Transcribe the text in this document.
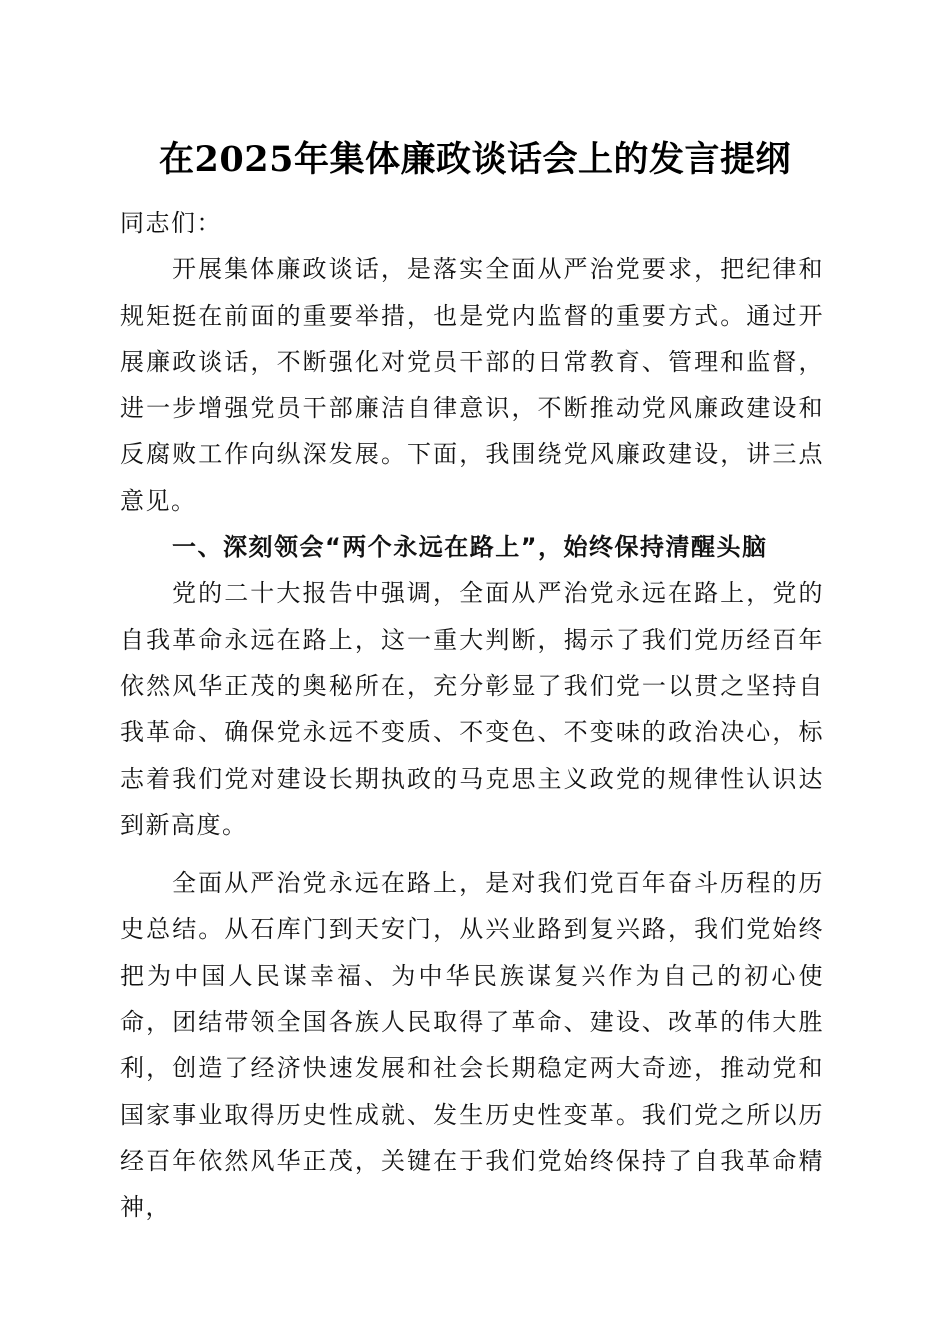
在2025年集体廉政谈话会上的发言提纲

同志们：

开展集体廉政谈话，是落实全面从严治党要求，把纪律和规矩挺在前面的重要举措，也是党内监督的重要方式。通过开展廉政谈话，不断强化对党员干部的日常教育、管理和监督，进一步增强党员干部廉洁自律意识，不断推动党风廉政建设和反腐败工作向纵深发展。下面，我围绕党风廉政建设，讲三点意见。

一、深刻领会“两个永远在路上”，始终保持清醒头脑

党的二十大报告中强调，全面从严治党永远在路上，党的自我革命永远在路上，这一重大判断，揭示了我们党历经百年依然风华正茂的奥秘所在，充分彰显了我们党一以贯之坚持自我革命、确保党永远不变质、不变色、不变味的政治决心，标志着我们党对建设长期执政的马克思主义政党的规律性认识达到新高度。

全面从严治党永远在路上，是对我们党百年奋斗历程的历史总结。从石库门到天安门，从兴业路到复兴路，我们党始终把为中国人民谋幸福、为中华民族谋复兴作为自己的初心使命，团结带领全国各族人民取得了革命、建设、改革的伟大胜利，创造了经济快速发展和社会长期稳定两大奇迹，推动党和国家事业取得历史性成就、发生历史性变革。我们党之所以历经百年依然风华正茂，关键在于我们党始终保持了自我革命精神，
